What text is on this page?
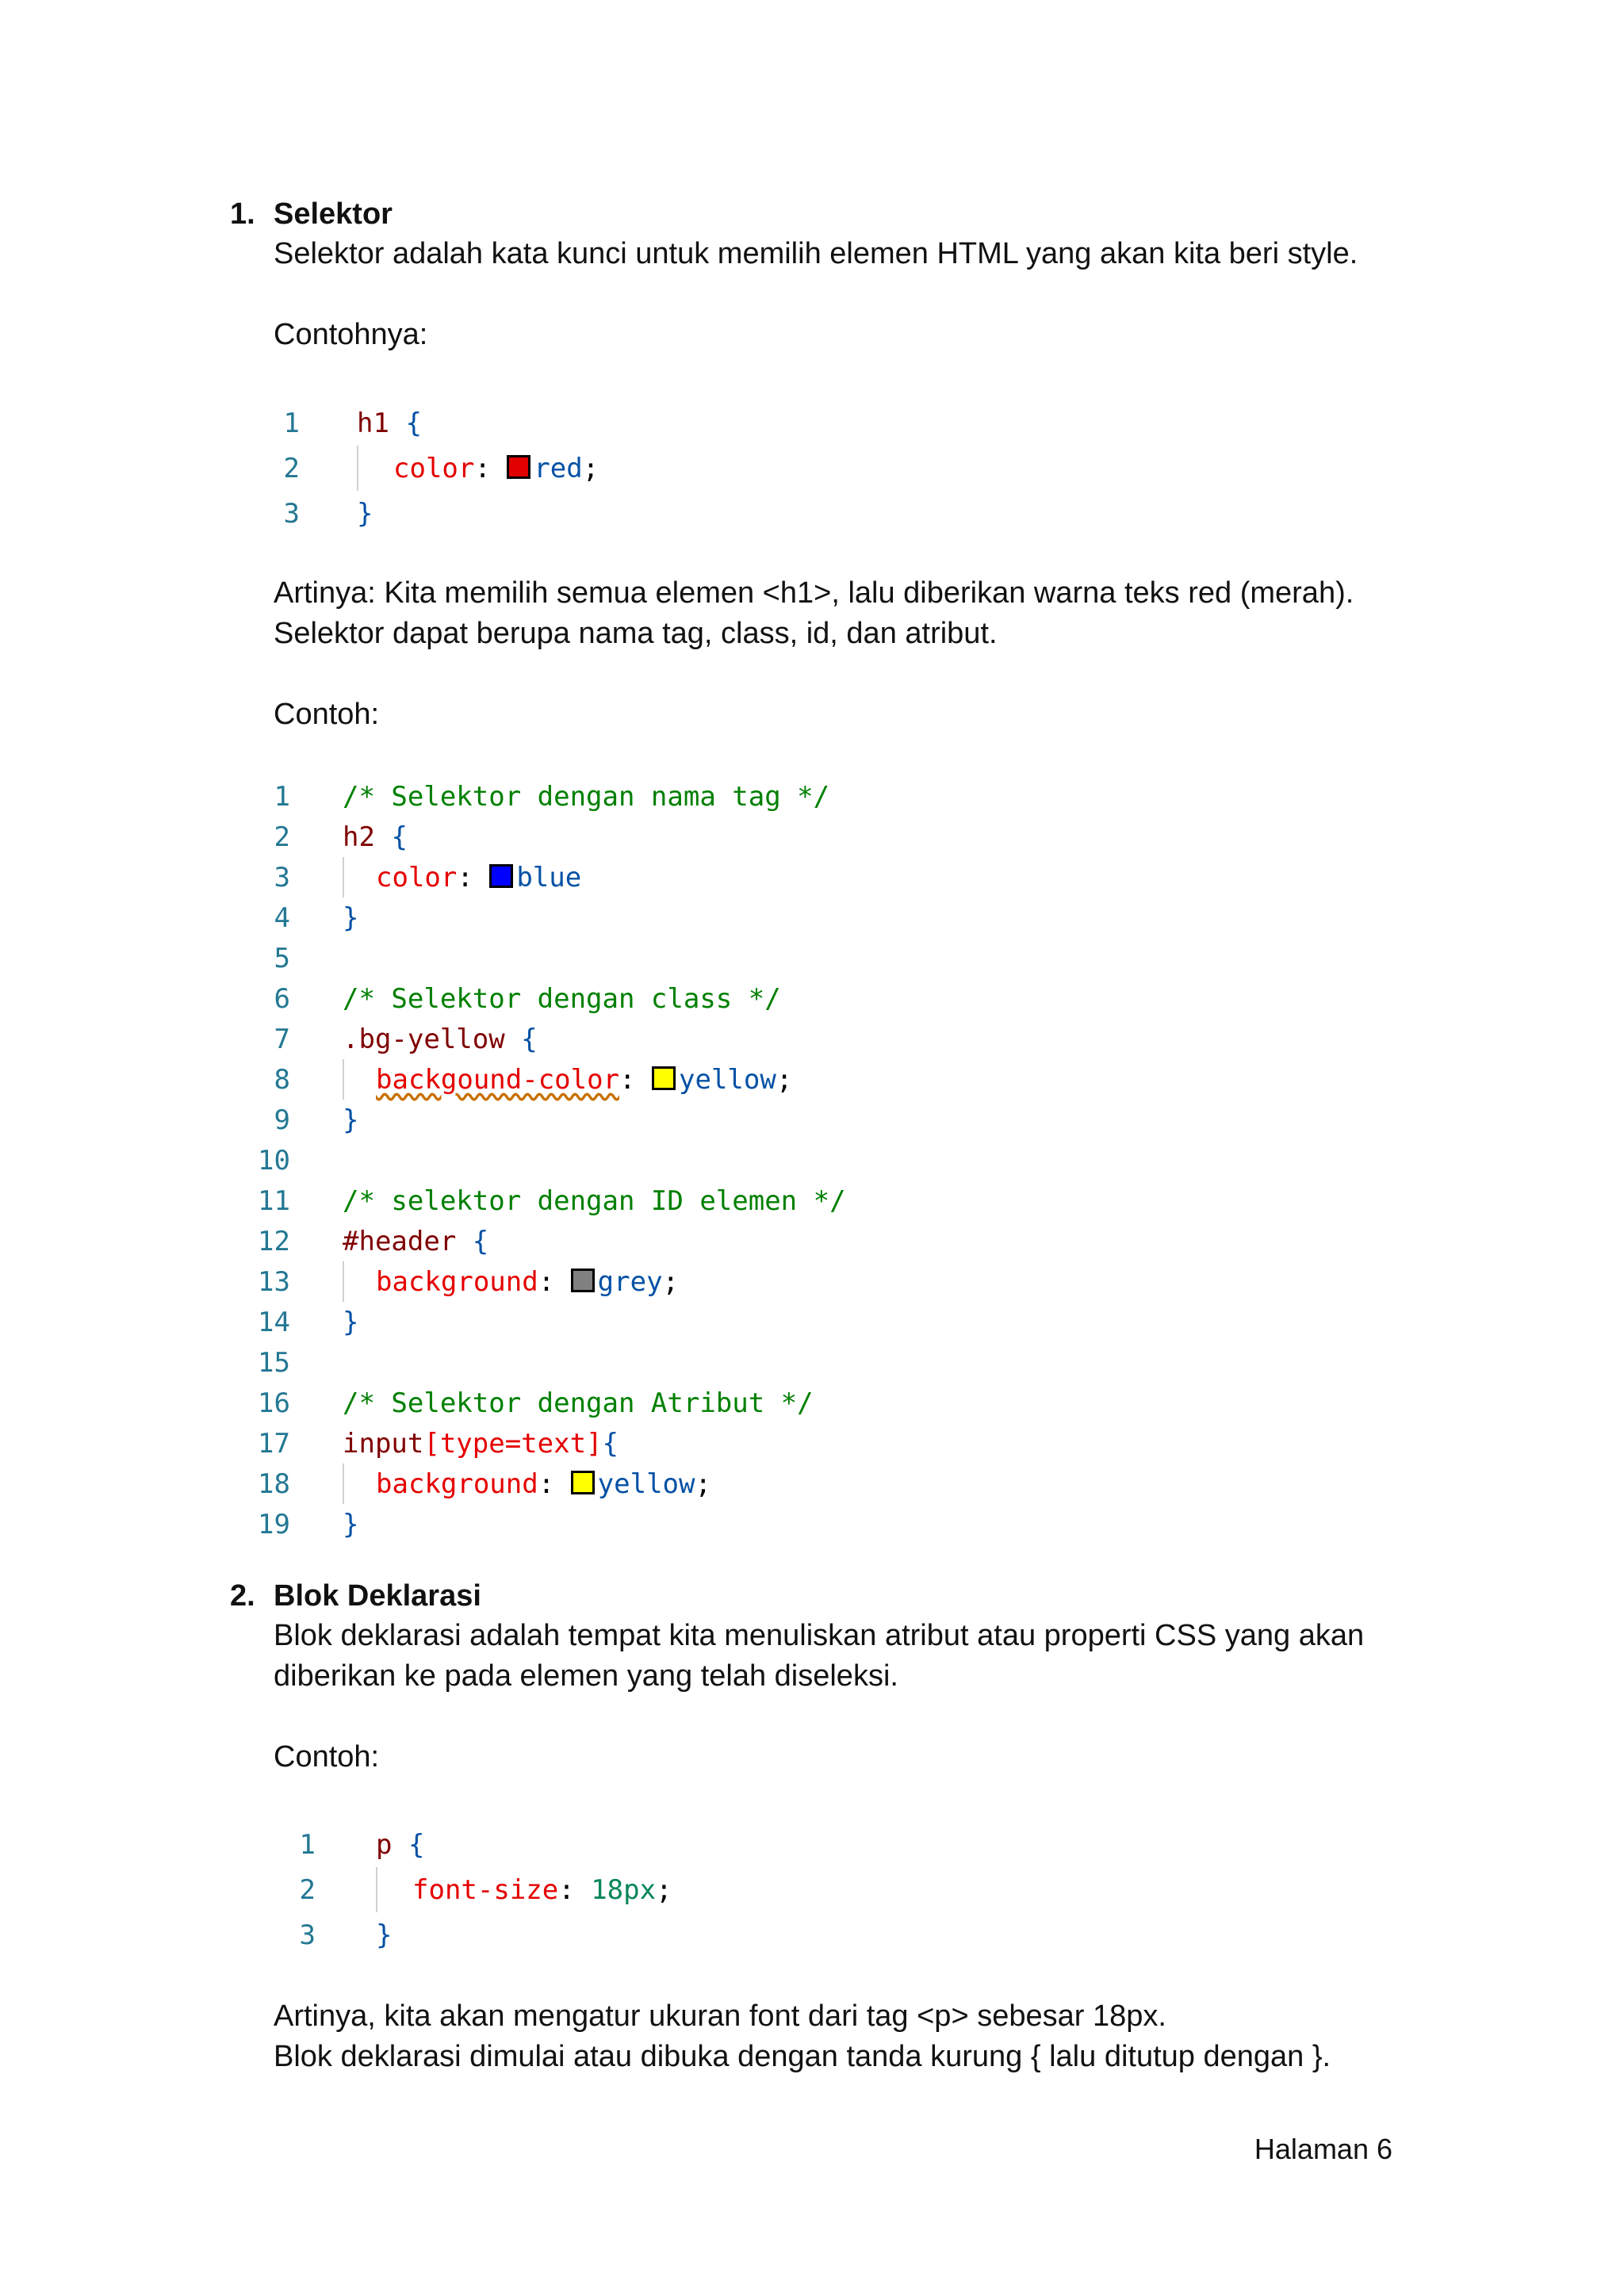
1. Selektor
Selektor adalah kata kunci untuk memilih elemen HTML yang akan kita beri style.
Contohnya:
1 h1
{
2	color : red ;
3 }
Artinya: Kita memilih semua elemen <h1>, lalu diberikan warna teks red (merah).
Selektor dapat berupa nama tag, class, id, dan atribut.
Contoh:
1 /* Selektor dengan nama tag */
2 h2
{
3	color : blue
4 }
5
6 /* Selektor dengan class */
7 .bg-yellow
{
8	backgound-color : yellow ;
9 }
10
11 /* selektor dengan ID elemen */
12 #header
{
13	background : grey ;
14 }
15
16 /* Selektor dengan Atribut */
17 input [type=text] {
18	background : yellow ;
19 }
2. Blok Deklarasi
Blok deklarasi adalah tempat kita menuliskan atribut atau properti CSS yang akan
diberikan ke pada elemen yang telah diseleksi.
Contoh:
1 p
{
2	font-size : 18px ;
3 }
Artinya, kita akan mengatur ukuran font dari tag <p> sebesar 18px.
Blok deklarasi dimulai atau dibuka dengan tanda kurung { lalu ditutup dengan }.
Halaman 6
